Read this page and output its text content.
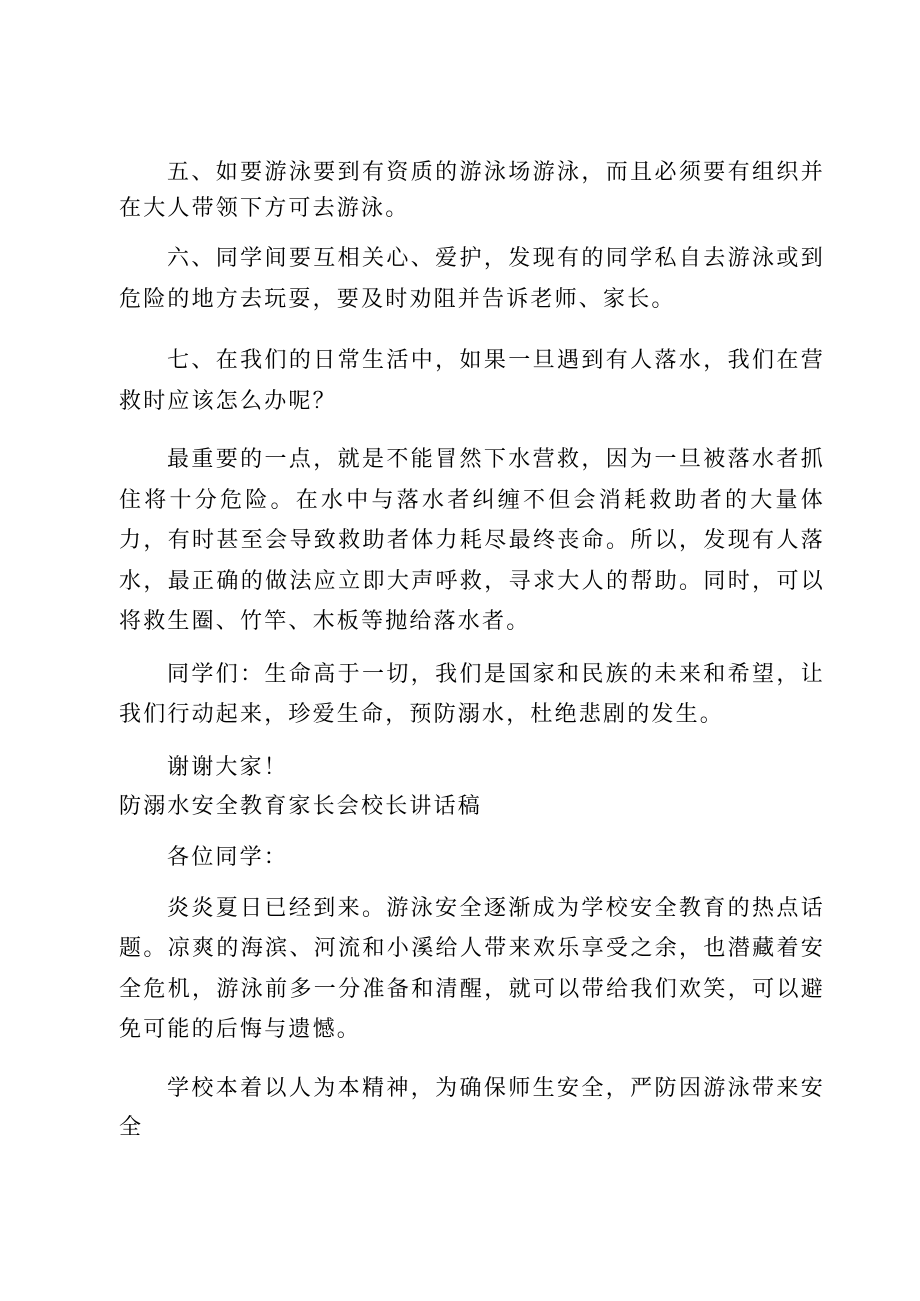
五、如要游泳要到有资质的游泳场游泳，而且必须要有组织并在大人带领下方可去游泳。

六、同学间要互相关心、爱护，发现有的同学私自去游泳或到危险的地方去玩耍，要及时劝阻并告诉老师、家长。

七、在我们的日常生活中，如果一旦遇到有人落水，我们在营救时应该怎么办呢？

最重要的一点，就是不能冒然下水营救，因为一旦被落水者抓住将十分危险。在水中与落水者纠缠不但会消耗救助者的大量体力，有时甚至会导致救助者体力耗尽最终丧命。所以，发现有人落水，最正确的做法应立即大声呼救，寻求大人的帮助。同时，可以将救生圈、竹竿、木板等抛给落水者。

同学们：生命高于一切，我们是国家和民族的未来和希望，让我们行动起来，珍爱生命，预防溺水，杜绝悲剧的发生。

谢谢大家！

防溺水安全教育家长会校长讲话稿

各位同学：

炎炎夏日已经到来。游泳安全逐渐成为学校安全教育的热点话题。凉爽的海滨、河流和小溪给人带来欢乐享受之余，也潜藏着安全危机，游泳前多一分准备和清醒，就可以带给我们欢笑，可以避免可能的后悔与遗憾。

学校本着以人为本精神，为确保师生安全，严防因游泳带来安全
